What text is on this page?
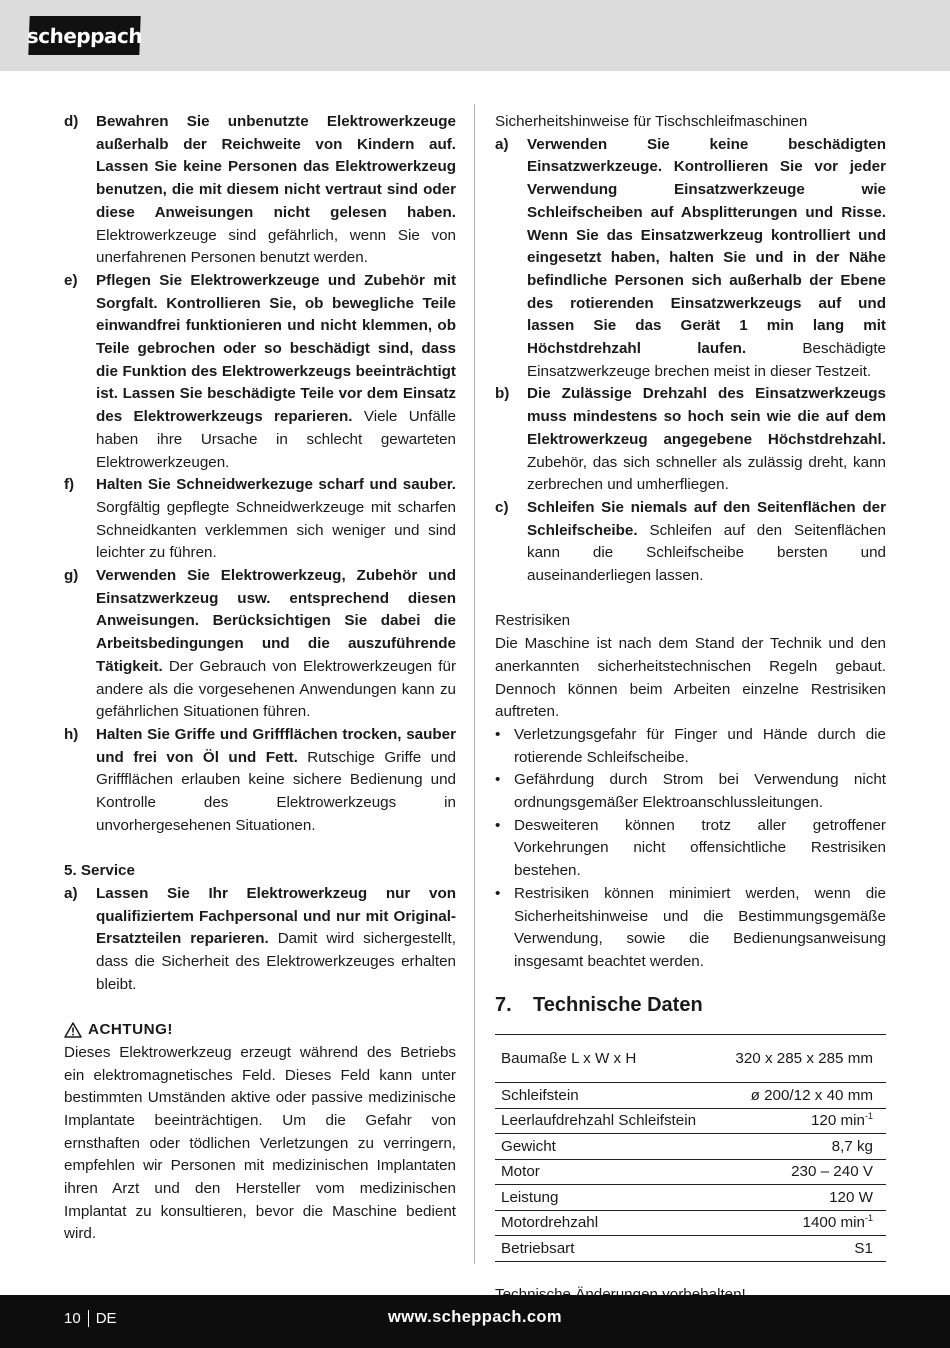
scheppach
d)	Bewahren Sie unbenutzte Elektrowerkzeuge außerhalb der Reichweite von Kindern auf. Lassen Sie keine Personen das Elektrowerkzeug benutzen, die mit diesem nicht vertraut sind oder diese Anweisungen nicht gelesen haben. Elektrowerkzeuge sind gefährlich, wenn Sie von unerfahrenen Personen benutzt werden.
e)	Pflegen Sie Elektrowerkzeuge und Zubehör mit Sorgfalt. Kontrollieren Sie, ob bewegliche Teile einwandfrei funktionieren und nicht klemmen, ob Teile gebrochen oder so beschädigt sind, dass die Funktion des Elektrowerkzeugs beeinträchtigt ist. Lassen Sie beschädigte Teile vor dem Einsatz des Elektrowerkzeugs reparieren. Viele Unfälle haben ihre Ursache in schlecht gewarteten Elektrowerkzeugen.
f)	Halten Sie Schneidwerkezuge scharf und sauber. Sorgfältig gepflegte Schneidwerkzeuge mit scharfen Schneidkanten verklemmen sich weniger und sind leichter zu führen.
g)	Verwenden Sie Elektrowerkzeug, Zubehör und Einsatzwerkzeug usw. entsprechend diesen Anweisungen. Berücksichtigen Sie dabei die Arbeitsbedingungen und die auszuführende Tätigkeit. Der Gebrauch von Elektrowerkzeugen für andere als die vorgesehenen Anwendungen kann zu gefährlichen Situationen führen.
h)	Halten Sie Griffe und Griffflächen trocken, sauber und frei von Öl und Fett. Rutschige Griffe und Griffflächen erlauben keine sichere Bedienung und Kontrolle des Elektrowerkzeugs in unvorhergesehenen Situationen.
5. Service
a)	Lassen Sie Ihr Elektrowerkzeug nur von qualifiziertem Fachpersonal und nur mit Original-Ersatzteilen reparieren. Damit wird sichergestellt, dass die Sicherheit des Elektrowerkzeuges erhalten bleibt.
ACHTUNG!
Dieses Elektrowerkzeug erzeugt während des Betriebs ein elektromagnetisches Feld. Dieses Feld kann unter bestimmten Umständen aktive oder passive medizinische Implantate beeinträchtigen. Um die Gefahr von ernsthaften oder tödlichen Verletzungen zu verringern, empfehlen wir Personen mit medizinischen Implantaten ihren Arzt und den Hersteller vom medizinischen Implantat zu konsultieren, bevor die Maschine bedient wird.
Sicherheitshinweise für Tischschleifmaschinen
a)	Verwenden Sie keine beschädigten Einsatzwerkzeuge. Kontrollieren Sie vor jeder Verwendung Einsatzwerkzeuge wie Schleifscheiben auf Absplitterungen und Risse. Wenn Sie das Einsatzwerkzeug kontrolliert und eingesetzt haben, halten Sie und in der Nähe befindliche Personen sich außerhalb der Ebene des rotierenden Einsatzwerkzeugs auf und lassen Sie das Gerät 1 min lang mit Höchstdrehzahl laufen. Beschädigte Einsatzwerkzeuge brechen meist in dieser Testzeit.
b)	Die Zulässige Drehzahl des Einsatzwerkzeugs muss mindestens so hoch sein wie die auf dem Elektrowerkzeug angegebene Höchstdrehzahl. Zubehör, das sich schneller als zulässig dreht, kann zerbrechen und umherfliegen.
c)	Schleifen Sie niemals auf den Seitenflächen der Schleifscheibe. Schleifen auf den Seitenflächen kann die Schleifscheibe bersten und auseinanderliegen lassen.
Restrisiken
Die Maschine ist nach dem Stand der Technik und den anerkannten sicherheitstechnischen Regeln gebaut. Dennoch können beim Arbeiten einzelne Restrisiken auftreten.
• Verletzungsgefahr für Finger und Hände durch die rotierende Schleifscheibe.
• Gefährdung durch Strom bei Verwendung nicht ordnungsgemäßer Elektroanschlussleitungen.
• Desweiteren können trotz aller getroffener Vorkehrungen nicht offensichtliche Restrisiken bestehen.
• Restrisiken können minimiert werden, wenn die Sicherheitshinweise und die Bestimmungsgemäße Verwendung, sowie die Bedienungsanweisung insgesamt beachtet werden.
7.	Technische Daten
Baumaße L x W x H	320 x 285 x 285 mm
Schleifstein	ø 200/12 x 40 mm
Leerlaufdrehzahl Schleifstein	120 $\min^{-1}$
Gewicht	8,7 kg
Motor	230 – 240 V
Leistung	120 W
Motordrehzahl	1400 $\min^{-1}$
Betriebsart	S1
10 DE	www.scheppach.com
